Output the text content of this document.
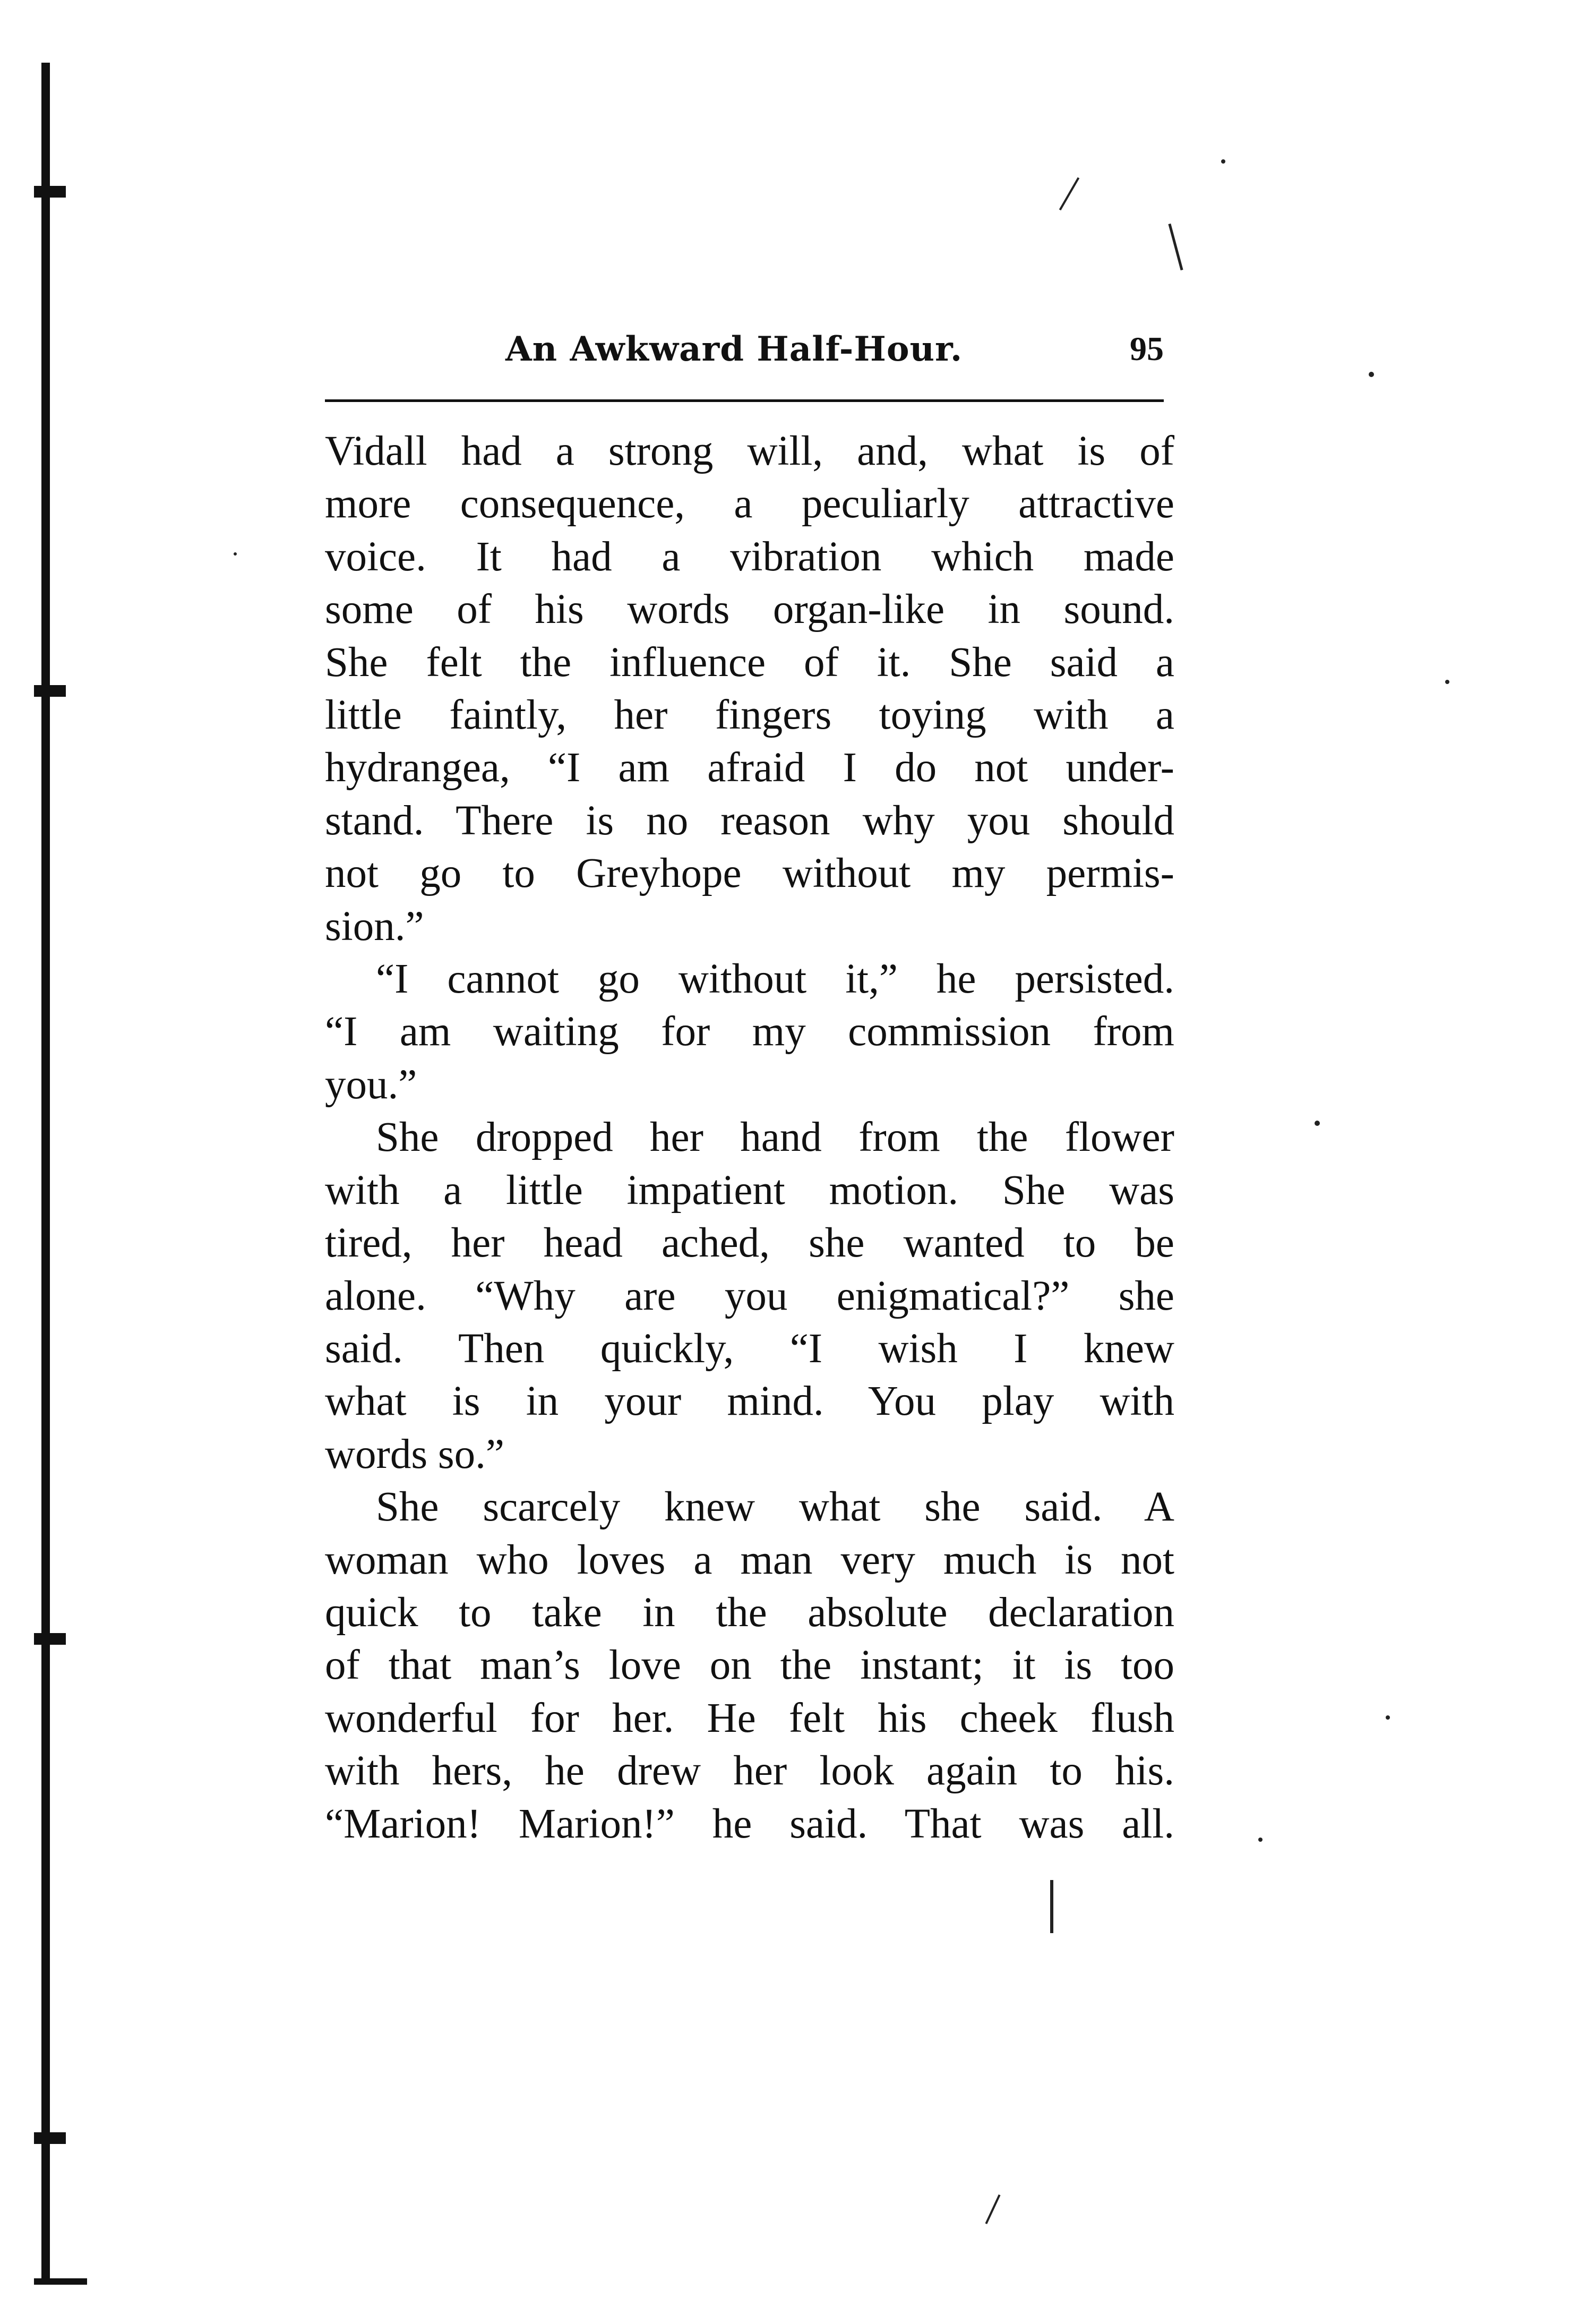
An Awkward Half-Hour.	95
Vidall had a strong will, and, what is of
more consequence, a peculiarly attractive
voice. It had a vibration which made
some of his words organ-like in sound.
She felt the influence of it. She said a
little faintly, her fingers toying with a
hydrangea, “I am afraid I do not under-
stand. There is no reason why you should
not go to Greyhope without my permis-
sion.”
“I cannot go without it,” he persisted.
“I am waiting for my commission from
you.”
She dropped her hand from the flower
with a little impatient motion. She was
tired, her head ached, she wanted to be
alone. “Why are you enigmatical?” she
said. Then quickly, “I wish I knew
what is in your mind. You play with
words so.”
She scarcely knew what she said. A
woman who loves a man very much is not
quick to take in the absolute declaration
of that man’s love on the instant; it is too
wonderful for her. He felt his cheek flush
with hers, he drew her look again to his.
“Marion! Marion!” he said. That was all.
